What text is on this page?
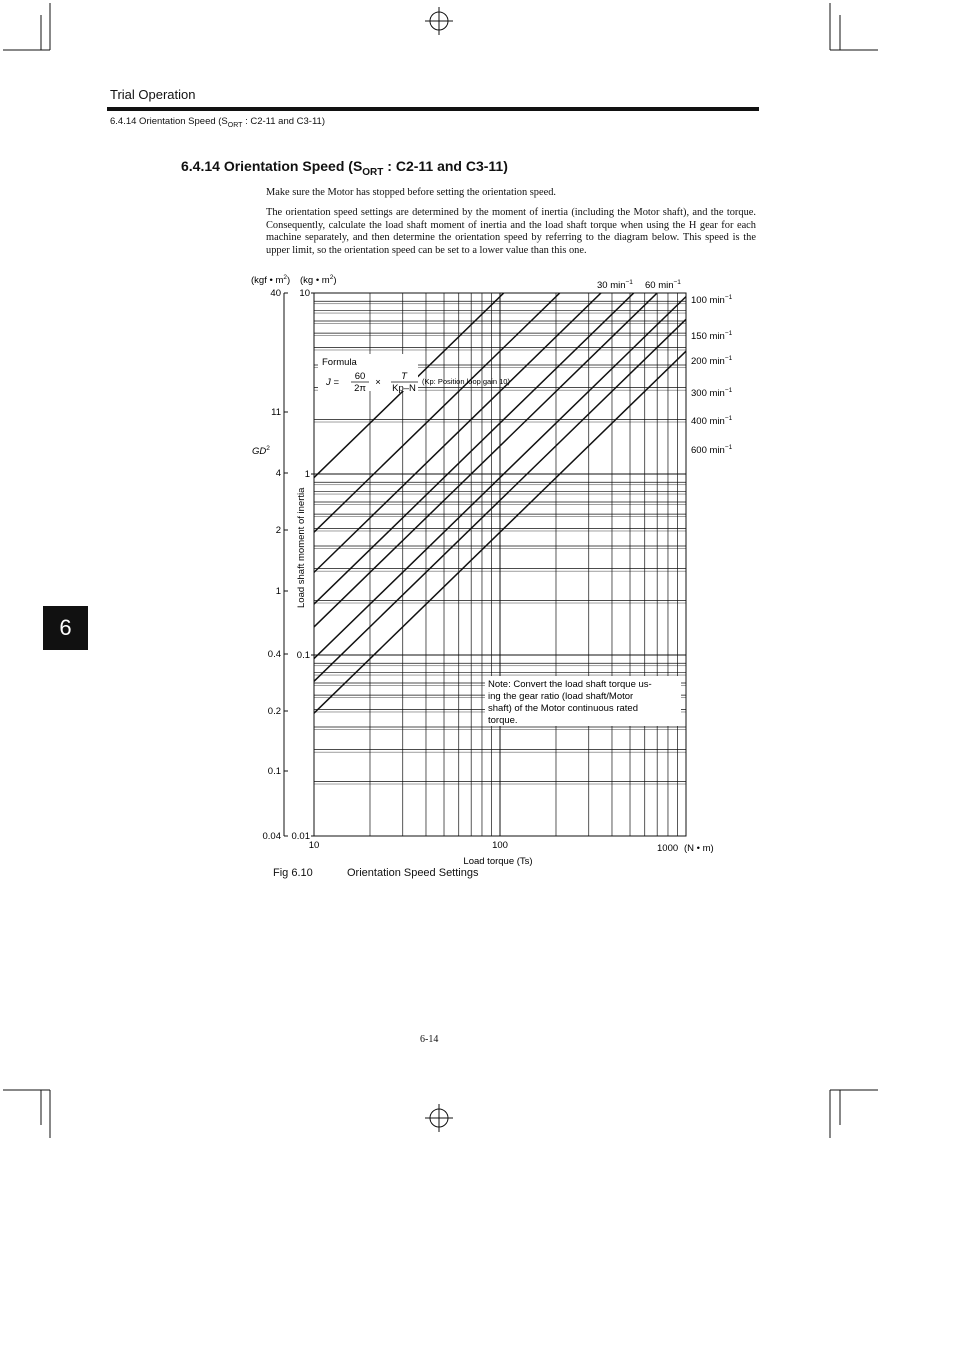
Trial Operation
6.4.14 Orientation Speed ($S_{ORT}$ : C2-11 and C3-11)
6.4.14 Orientation Speed ($S_{ORT}$ : C2-11 and C3-11)
Make sure the Motor has stopped before setting the orientation speed.
The orientation speed settings are determined by the moment of inertia (including the Motor shaft), and the torque. Consequently, calculate the load shaft moment of inertia and the load shaft torque when using the H gear for each machine separately, and then determine the orientation speed by referring to the diagram below. This speed is the upper limit, so the orientation speed can be set to a lower value than this one.
6
(kgf • $m^2$) (kg • $m^2$)
$GD^2$
Load shaft moment of inertia
Load torque (Ts)
(N • m)
10
1
0.1
0.01
40
11
4
2
1
0.4
0.2
0.1
0.04
10	100	1000
30 $\min^{-1} 60$ $\min^{-1}$
100 $\min^{-1}$
150 $\min^{-1}$
200 $\min^{-1}$
300 $\min^{-1}$
400 $\min^{-1}$
600 $\min^{-1}$
Formula
J =
60
2π
×
T
Kp–N
(Kp: Position loop gain 10)
Note: Convert the load shaft torque us-
ing the gear ratio (load shaft/Motor
shaft) of the Motor continuous rated
torque.
Fig 6.10	Orientation Speed Settings
6-14
